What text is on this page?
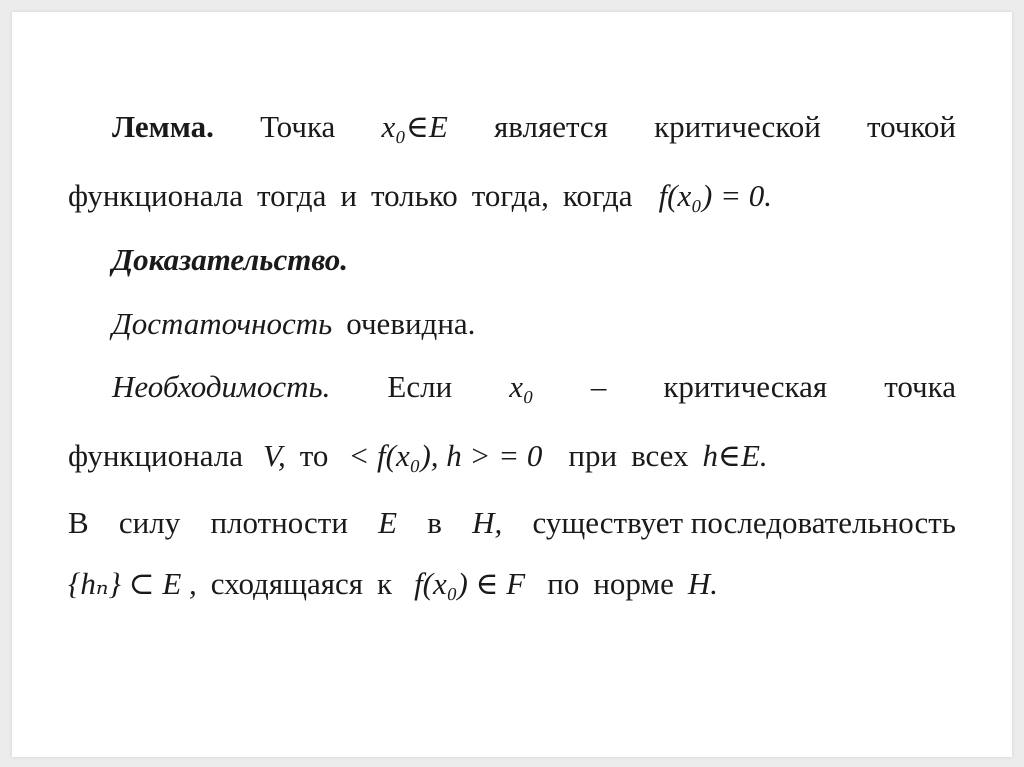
Лемма. Точка x₀∈E является критической точкой
функционала тогда и только тогда, когда f(x₀) = 0.
Доказательство.
Достаточность очевидна.
Необходимость. Если x₀ – критическая точка
функционала V, то < f(x₀), h > = 0 при всех h∈E.
В силу плотности E в H, существует последовательность
{hₙ} ⊂ E , сходящаяся к f(x₀) ∈ F по норме H.
